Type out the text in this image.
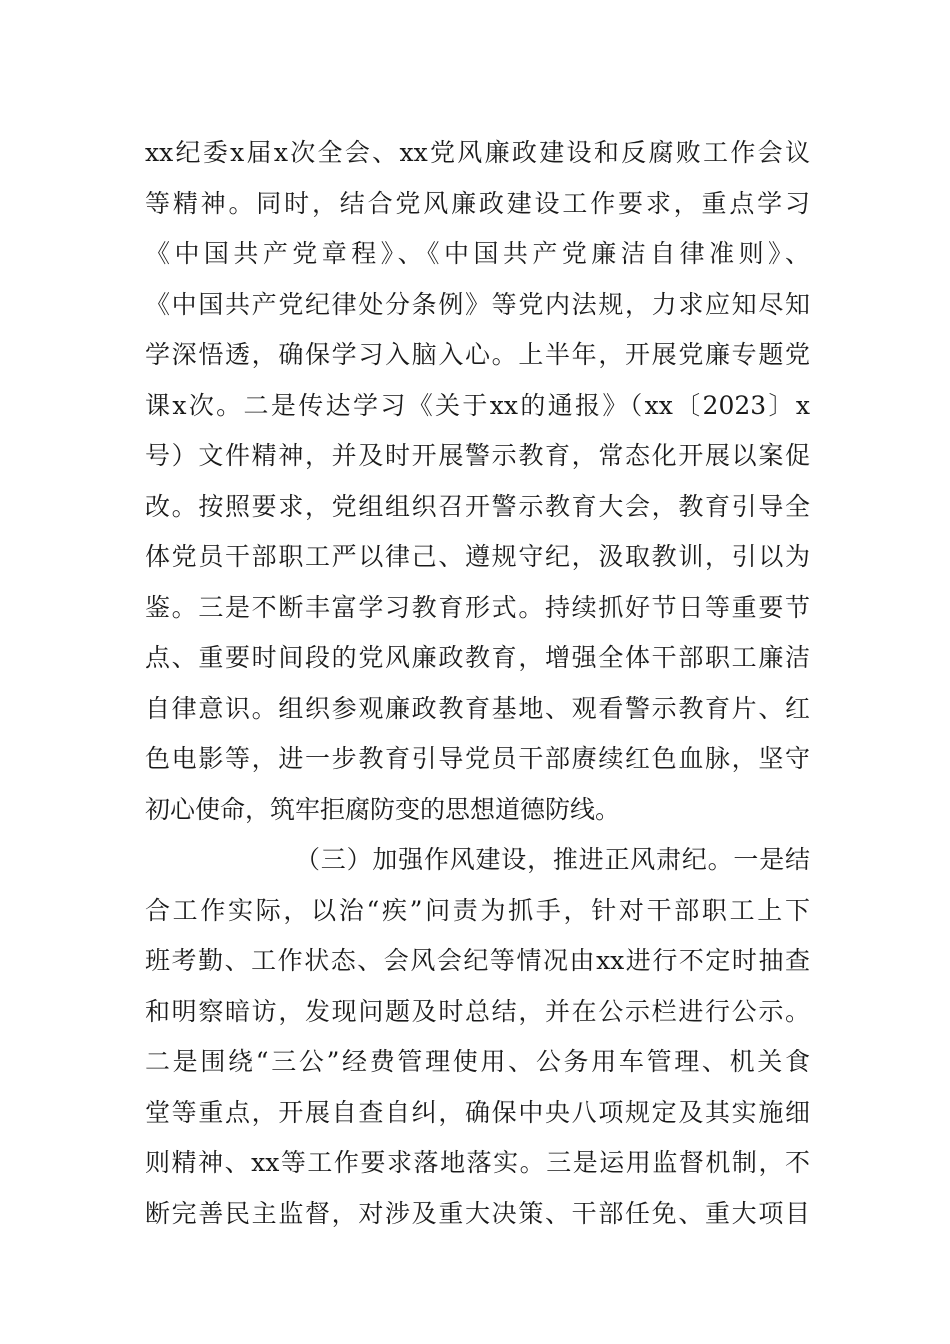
xx纪委x届x次全会、xx党风廉政建设和反腐败工作会议
等精神。同时，结合党风廉政建设工作要求，重点学习
《中国共产党章程》、《中国共产党廉洁自律准则》、
《中国共产党纪律处分条例》等党内法规，力求应知尽知
学深悟透，确保学习入脑入心。上半年，开展党廉专题党
课x次。二是传达学习《关于xx的通报》（xx〔2023〕x
号）文件精神，并及时开展警示教育，常态化开展以案促
改。按照要求，党组组织召开警示教育大会，教育引导全
体党员干部职工严以律己、遵规守纪，汲取教训，引以为
鉴。三是不断丰富学习教育形式。持续抓好节日等重要节
点、重要时间段的党风廉政教育，增强全体干部职工廉洁
自律意识。组织参观廉政教育基地、观看警示教育片、红
色电影等，进一步教育引导党员干部赓续红色血脉，坚守
初心使命，筑牢拒腐防变的思想道德防线。
（三）加强作风建设，推进正风肃纪。一是结
合工作实际，以治“疾”问责为抓手，针对干部职工上下
班考勤、工作状态、会风会纪等情况由xx进行不定时抽查
和明察暗访，发现问题及时总结，并在公示栏进行公示。
二是围绕“三公”经费管理使用、公务用车管理、机关食
堂等重点，开展自查自纠，确保中央八项规定及其实施细
则精神、xx等工作要求落地落实。三是运用监督机制，不
断完善民主监督，对涉及重大决策、干部任免、重大项目
